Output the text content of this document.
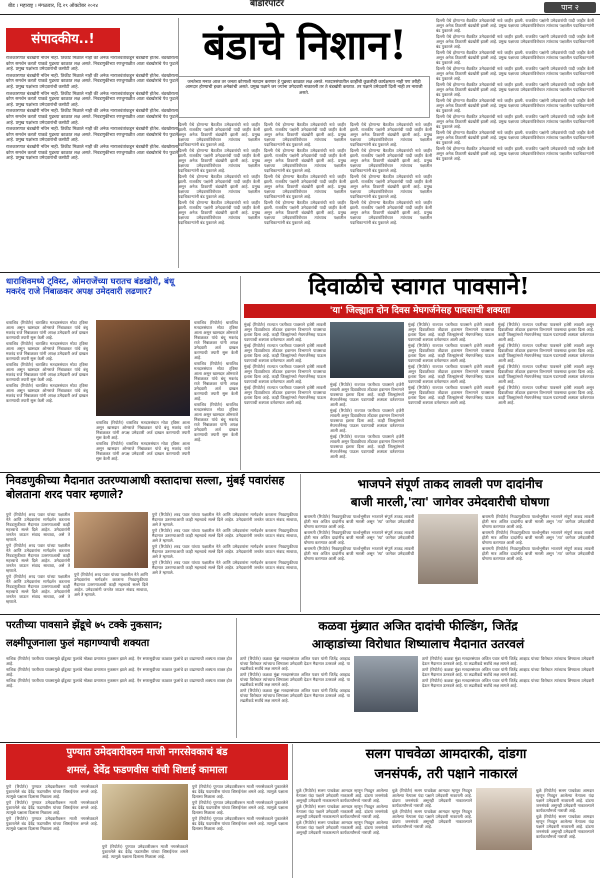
बीड । महाराष्ट्र । मंगळवार, दि.२९ ऑक्टोबर २०२४	बीडरिपोर्टर	पान २
संपादकीय..!

राजकारणात बंडखोरी नविन नाही. तिकीट मिळाले नाही की अनेक नाराजवंतांकडून बंडखोरी होतेच. बंडखोराला कोण समर्थन करतो याकडे पुढच्या काळात लक्ष असते. निवडणुकीच्या रणधुमाळीत आता बंडखोरांचे पेव फुटले आहे. प्रमुख पक्षांच्या उमेदवारांची कसोटी आहे.

राजकारणात बंडखोरी नविन नाही. तिकीट मिळाले नाही की अनेक नाराजवंतांकडून बंडखोरी होतेच. बंडखोराला कोण समर्थन करतो याकडे पुढच्या काळात लक्ष असते. निवडणुकीच्या रणधुमाळीत आता बंडखोरांचे पेव फुटले आहे. प्रमुख पक्षांच्या उमेदवारांची कसोटी आहे.

राजकारणात बंडखोरी नविन नाही. तिकीट मिळाले नाही की अनेक नाराजवंतांकडून बंडखोरी होतेच. बंडखोराला कोण समर्थन करतो याकडे पुढच्या काळात लक्ष असते. निवडणुकीच्या रणधुमाळीत आता बंडखोरांचे पेव फुटले आहे. प्रमुख पक्षांच्या उमेदवारांची कसोटी आहे.

राजकारणात बंडखोरी नविन नाही. तिकीट मिळाले नाही की अनेक नाराजवंतांकडून बंडखोरी होतेच. बंडखोराला कोण समर्थन करतो याकडे पुढच्या काळात लक्ष असते. निवडणुकीच्या रणधुमाळीत आता बंडखोरांचे पेव फुटले आहे. प्रमुख पक्षांच्या उमेदवारांची कसोटी आहे.

राजकारणात बंडखोरी नविन नाही. तिकीट मिळाले नाही की अनेक नाराजवंतांकडून बंडखोरी होतेच. बंडखोराला कोण समर्थन करतो याकडे पुढच्या काळात लक्ष असते. निवडणुकीच्या रणधुमाळीत आता बंडखोरांचे पेव फुटले आहे. प्रमुख पक्षांच्या उमेदवारांची कसोटी आहे.

राजकारणात बंडखोरी नविन नाही. तिकीट मिळाले नाही की अनेक नाराजवंतांकडून बंडखोरी होतेच. बंडखोराला कोण समर्थन करतो याकडे पुढच्या काळात लक्ष असते. निवडणुकीच्या रणधुमाळीत आता बंडखोरांचे पेव फुटले आहे. प्रमुख पक्षांच्या उमेदवारांची कसोटी आहे.

बंडाचे निशान!
जनतेच्या मनात आज तर जनता कोणाशी मतदान करणार हे पुढच्या काळात लक्ष असते. मतदारसंघातील काहींची कुठलीही कार्यक्षमता नाही पण तरीही आमदार होण्याची इच्छा अनेकांची असते. प्रमुख पक्षाने जर ज्यांना उमेदवारी नाकारली तर ते बंडखोरी करतात. तर पक्षाने उमेदवारी दिली नाही तर नाराजी असते.

दिल्ली येथे होणाऱ्या बैठकीत उमेदवारांची नावे जाहीर झाली. राजकीय पक्षांनी उमेदवारांची यादी जाहीर केली असून अनेक ठिकाणी बंडखोरी झाली आहे. प्रमुख पक्षाच्या उमेदवारांविरोधात त्यांच्याच पक्षातील पदाधिकाऱ्यांनी बंड पुकारले आहे.

दिल्ली येथे होणाऱ्या बैठकीत उमेदवारांची नावे जाहीर झाली. राजकीय पक्षांनी उमेदवारांची यादी जाहीर केली असून अनेक ठिकाणी बंडखोरी झाली आहे. प्रमुख पक्षाच्या उमेदवारांविरोधात त्यांच्याच पक्षातील पदाधिकाऱ्यांनी बंड पुकारले आहे.

दिल्ली येथे होणाऱ्या बैठकीत उमेदवारांची नावे जाहीर झाली. राजकीय पक्षांनी उमेदवारांची यादी जाहीर केली असून अनेक ठिकाणी बंडखोरी झाली आहे. प्रमुख पक्षाच्या उमेदवारांविरोधात त्यांच्याच पक्षातील पदाधिकाऱ्यांनी बंड पुकारले आहे.

दिल्ली येथे होणाऱ्या बैठकीत उमेदवारांची नावे जाहीर झाली. राजकीय पक्षांनी उमेदवारांची यादी जाहीर केली असून अनेक ठिकाणी बंडखोरी झाली आहे. प्रमुख पक्षाच्या उमेदवारांविरोधात त्यांच्याच पक्षातील पदाधिकाऱ्यांनी बंड पुकारले आहे.

दिल्ली येथे होणाऱ्या बैठकीत उमेदवारांची नावे जाहीर झाली. राजकीय पक्षांनी उमेदवारांची यादी जाहीर केली असून अनेक ठिकाणी बंडखोरी झाली आहे. प्रमुख पक्षाच्या उमेदवारांविरोधात त्यांच्याच पक्षातील पदाधिकाऱ्यांनी बंड पुकारले आहे.

दिल्ली येथे होणाऱ्या बैठकीत उमेदवारांची नावे जाहीर झाली. राजकीय पक्षांनी उमेदवारांची यादी जाहीर केली असून अनेक ठिकाणी बंडखोरी झाली आहे. प्रमुख पक्षाच्या उमेदवारांविरोधात त्यांच्याच पक्षातील पदाधिकाऱ्यांनी बंड पुकारले आहे.

दिल्ली येथे होणाऱ्या बैठकीत उमेदवारांची नावे जाहीर झाली. राजकीय पक्षांनी उमेदवारांची यादी जाहीर केली असून अनेक ठिकाणी बंडखोरी झाली आहे. प्रमुख पक्षाच्या उमेदवारांविरोधात त्यांच्याच पक्षातील पदाधिकाऱ्यांनी बंड पुकारले आहे.

दिल्ली येथे होणाऱ्या बैठकीत उमेदवारांची नावे जाहीर झाली. राजकीय पक्षांनी उमेदवारांची यादी जाहीर केली असून अनेक ठिकाणी बंडखोरी झाली आहे. प्रमुख पक्षाच्या उमेदवारांविरोधात त्यांच्याच पक्षातील पदाधिकाऱ्यांनी बंड पुकारले आहे.

दिल्ली येथे होणाऱ्या बैठकीत उमेदवारांची नावे जाहीर झाली. राजकीय पक्षांनी उमेदवारांची यादी जाहीर केली असून अनेक ठिकाणी बंडखोरी झाली आहे. प्रमुख पक्षाच्या उमेदवारांविरोधात त्यांच्याच पक्षातील पदाधिकाऱ्यांनी बंड पुकारले आहे.

दिल्ली येथे होणाऱ्या बैठकीत उमेदवारांची नावे जाहीर झाली. राजकीय पक्षांनी उमेदवारांची यादी जाहीर केली असून अनेक ठिकाणी बंडखोरी झाली आहे. प्रमुख पक्षाच्या उमेदवारांविरोधात त्यांच्याच पक्षातील पदाधिकाऱ्यांनी बंड पुकारले आहे.

दिल्ली येथे होणाऱ्या बैठकीत उमेदवारांची नावे जाहीर झाली. राजकीय पक्षांनी उमेदवारांची यादी जाहीर केली असून अनेक ठिकाणी बंडखोरी झाली आहे. प्रमुख पक्षाच्या उमेदवारांविरोधात त्यांच्याच पक्षातील पदाधिकाऱ्यांनी बंड पुकारले आहे.

दिल्ली येथे होणाऱ्या बैठकीत उमेदवारांची नावे जाहीर झाली. राजकीय पक्षांनी उमेदवारांची यादी जाहीर केली असून अनेक ठिकाणी बंडखोरी झाली आहे. प्रमुख पक्षाच्या उमेदवारांविरोधात त्यांच्याच पक्षातील पदाधिकाऱ्यांनी बंड पुकारले आहे.

दिल्ली येथे होणाऱ्या बैठकीत उमेदवारांची नावे जाहीर झाली. राजकीय पक्षांनी उमेदवारांची यादी जाहीर केली असून अनेक ठिकाणी बंडखोरी झाली आहे. प्रमुख पक्षाच्या उमेदवारांविरोधात त्यांच्याच पक्षातील पदाधिकाऱ्यांनी बंड पुकारले आहे.

दिल्ली येथे होणाऱ्या बैठकीत उमेदवारांची नावे जाहीर झाली. राजकीय पक्षांनी उमेदवारांची यादी जाहीर केली असून अनेक ठिकाणी बंडखोरी झाली आहे. प्रमुख पक्षाच्या उमेदवारांविरोधात त्यांच्याच पक्षातील पदाधिकाऱ्यांनी बंड पुकारले आहे.

दिल्ली येथे होणाऱ्या बैठकीत उमेदवारांची नावे जाहीर झाली. राजकीय पक्षांनी उमेदवारांची यादी जाहीर केली असून अनेक ठिकाणी बंडखोरी झाली आहे. प्रमुख पक्षाच्या उमेदवारांविरोधात त्यांच्याच पक्षातील पदाधिकाऱ्यांनी बंड पुकारले आहे.

दिल्ली येथे होणाऱ्या बैठकीत उमेदवारांची नावे जाहीर झाली. राजकीय पक्षांनी उमेदवारांची यादी जाहीर केली असून अनेक ठिकाणी बंडखोरी झाली आहे. प्रमुख पक्षाच्या उमेदवारांविरोधात त्यांच्याच पक्षातील पदाधिकाऱ्यांनी बंड पुकारले आहे.

दिल्ली येथे होणाऱ्या बैठकीत उमेदवारांची नावे जाहीर झाली. राजकीय पक्षांनी उमेदवारांची यादी जाहीर केली असून अनेक ठिकाणी बंडखोरी झाली आहे. प्रमुख पक्षाच्या उमेदवारांविरोधात त्यांच्याच पक्षातील पदाधिकाऱ्यांनी बंड पुकारले आहे.

दिल्ली येथे होणाऱ्या बैठकीत उमेदवारांची नावे जाहीर झाली. राजकीय पक्षांनी उमेदवारांची यादी जाहीर केली असून अनेक ठिकाणी बंडखोरी झाली आहे. प्रमुख पक्षाच्या उमेदवारांविरोधात त्यांच्याच पक्षातील पदाधिकाऱ्यांनी बंड पुकारले आहे.

दिल्ली येथे होणाऱ्या बैठकीत उमेदवारांची नावे जाहीर झाली. राजकीय पक्षांनी उमेदवारांची यादी जाहीर केली असून अनेक ठिकाणी बंडखोरी झाली आहे. प्रमुख पक्षाच्या उमेदवारांविरोधात त्यांच्याच पक्षातील पदाधिकाऱ्यांनी बंड पुकारले आहे.

दिल्ली येथे होणाऱ्या बैठकीत उमेदवारांची नावे जाहीर झाली. राजकीय पक्षांनी उमेदवारांची यादी जाहीर केली असून अनेक ठिकाणी बंडखोरी झाली आहे. प्रमुख पक्षाच्या उमेदवारांविरोधात त्यांच्याच पक्षातील पदाधिकाऱ्यांनी बंड पुकारले आहे.

दिल्ली येथे होणाऱ्या बैठकीत उमेदवारांची नावे जाहीर झाली. राजकीय पक्षांनी उमेदवारांची यादी जाहीर केली असून अनेक ठिकाणी बंडखोरी झाली आहे. प्रमुख पक्षाच्या उमेदवारांविरोधात त्यांच्याच पक्षातील पदाधिकाऱ्यांनी बंड पुकारले आहे.

धाराशिवमध्ये ट्विस्ट, ओमराजेंच्या घरातच बंडखोरी, बंधू मकरंद राजे निंबाळकर अपक्ष उमेदवारी लढणार?

धाराशिव (रिपोर्टर) धाराशिव मतदारसंघात मोठा ट्विस्ट आला असून खासदार ओमराजे निंबाळकर यांचे बंधू मकरंद राजे निंबाळकर यांनी अपक्ष उमेदवारी अर्ज दाखल करण्याची तयारी सुरू केली आहे.

धाराशिव (रिपोर्टर) धाराशिव मतदारसंघात मोठा ट्विस्ट आला असून खासदार ओमराजे निंबाळकर यांचे बंधू मकरंद राजे निंबाळकर यांनी अपक्ष उमेदवारी अर्ज दाखल करण्याची तयारी सुरू केली आहे.

धाराशिव (रिपोर्टर) धाराशिव मतदारसंघात मोठा ट्विस्ट आला असून खासदार ओमराजे निंबाळकर यांचे बंधू मकरंद राजे निंबाळकर यांनी अपक्ष उमेदवारी अर्ज दाखल करण्याची तयारी सुरू केली आहे.

धाराशिव (रिपोर्टर) धाराशिव मतदारसंघात मोठा ट्विस्ट आला असून खासदार ओमराजे निंबाळकर यांचे बंधू मकरंद राजे निंबाळकर यांनी अपक्ष उमेदवारी अर्ज दाखल करण्याची तयारी सुरू केली आहे.

धाराशिव (रिपोर्टर) धाराशिव मतदारसंघात मोठा ट्विस्ट आला असून खासदार ओमराजे निंबाळकर यांचे बंधू मकरंद राजे निंबाळकर यांनी अपक्ष उमेदवारी अर्ज दाखल करण्याची तयारी सुरू केली आहे.

धाराशिव (रिपोर्टर) धाराशिव मतदारसंघात मोठा ट्विस्ट आला असून खासदार ओमराजे निंबाळकर यांचे बंधू मकरंद राजे निंबाळकर यांनी अपक्ष उमेदवारी अर्ज दाखल करण्याची तयारी सुरू केली आहे.

धाराशिव (रिपोर्टर) धाराशिव मतदारसंघात मोठा ट्विस्ट आला असून खासदार ओमराजे निंबाळकर यांचे बंधू मकरंद राजे निंबाळकर यांनी अपक्ष उमेदवारी अर्ज दाखल करण्याची तयारी सुरू केली आहे.

धाराशिव (रिपोर्टर) धाराशिव मतदारसंघात मोठा ट्विस्ट आला असून खासदार ओमराजे निंबाळकर यांचे बंधू मकरंद राजे निंबाळकर यांनी अपक्ष उमेदवारी अर्ज दाखल करण्याची तयारी सुरू केली आहे.

धाराशिव (रिपोर्टर) धाराशिव मतदारसंघात मोठा ट्विस्ट आला असून खासदार ओमराजे निंबाळकर यांचे बंधू मकरंद राजे निंबाळकर यांनी अपक्ष उमेदवारी अर्ज दाखल करण्याची तयारी सुरू केली आहे.

दिवाळीचे स्वागत पावसाने!
'या' जिल्ह्यात दोन दिवस मेघगर्जनेसह पावसाची शक्यता

मुंबई (रिपोर्टर) राज्यात परतीच्या पावसाने हजेरी लावली असून दिवाळीच्या तोंडावर हवामान विभागाने पावसाचा इशारा दिला आहे. काही जिल्ह्यांमध्ये मेघगर्जनेसह पाऊस पडण्याची शक्यता वर्तवण्यात आली आहे.

मुंबई (रिपोर्टर) राज्यात परतीच्या पावसाने हजेरी लावली असून दिवाळीच्या तोंडावर हवामान विभागाने पावसाचा इशारा दिला आहे. काही जिल्ह्यांमध्ये मेघगर्जनेसह पाऊस पडण्याची शक्यता वर्तवण्यात आली आहे.

मुंबई (रिपोर्टर) राज्यात परतीच्या पावसाने हजेरी लावली असून दिवाळीच्या तोंडावर हवामान विभागाने पावसाचा इशारा दिला आहे. काही जिल्ह्यांमध्ये मेघगर्जनेसह पाऊस पडण्याची शक्यता वर्तवण्यात आली आहे.

मुंबई (रिपोर्टर) राज्यात परतीच्या पावसाने हजेरी लावली असून दिवाळीच्या तोंडावर हवामान विभागाने पावसाचा इशारा दिला आहे. काही जिल्ह्यांमध्ये मेघगर्जनेसह पाऊस पडण्याची शक्यता वर्तवण्यात आली आहे.

मुंबई (रिपोर्टर) राज्यात परतीच्या पावसाने हजेरी लावली असून दिवाळीच्या तोंडावर हवामान विभागाने पावसाचा इशारा दिला आहे. काही जिल्ह्यांमध्ये मेघगर्जनेसह पाऊस पडण्याची शक्यता वर्तवण्यात आली आहे.

मुंबई (रिपोर्टर) राज्यात परतीच्या पावसाने हजेरी लावली असून दिवाळीच्या तोंडावर हवामान विभागाने पावसाचा इशारा दिला आहे. काही जिल्ह्यांमध्ये मेघगर्जनेसह पाऊस पडण्याची शक्यता वर्तवण्यात आली आहे.

मुंबई (रिपोर्टर) राज्यात परतीच्या पावसाने हजेरी लावली असून दिवाळीच्या तोंडावर हवामान विभागाने पावसाचा इशारा दिला आहे. काही जिल्ह्यांमध्ये मेघगर्जनेसह पाऊस पडण्याची शक्यता वर्तवण्यात आली आहे.

मुंबई (रिपोर्टर) राज्यात परतीच्या पावसाने हजेरी लावली असून दिवाळीच्या तोंडावर हवामान विभागाने पावसाचा इशारा दिला आहे. काही जिल्ह्यांमध्ये मेघगर्जनेसह पाऊस पडण्याची शक्यता वर्तवण्यात आली आहे.

मुंबई (रिपोर्टर) राज्यात परतीच्या पावसाने हजेरी लावली असून दिवाळीच्या तोंडावर हवामान विभागाने पावसाचा इशारा दिला आहे. काही जिल्ह्यांमध्ये मेघगर्जनेसह पाऊस पडण्याची शक्यता वर्तवण्यात आली आहे.

मुंबई (रिपोर्टर) राज्यात परतीच्या पावसाने हजेरी लावली असून दिवाळीच्या तोंडावर हवामान विभागाने पावसाचा इशारा दिला आहे. काही जिल्ह्यांमध्ये मेघगर्जनेसह पाऊस पडण्याची शक्यता वर्तवण्यात आली आहे.

मुंबई (रिपोर्टर) राज्यात परतीच्या पावसाने हजेरी लावली असून दिवाळीच्या तोंडावर हवामान विभागाने पावसाचा इशारा दिला आहे. काही जिल्ह्यांमध्ये मेघगर्जनेसह पाऊस पडण्याची शक्यता वर्तवण्यात आली आहे.

मुंबई (रिपोर्टर) राज्यात परतीच्या पावसाने हजेरी लावली असून दिवाळीच्या तोंडावर हवामान विभागाने पावसाचा इशारा दिला आहे. काही जिल्ह्यांमध्ये मेघगर्जनेसह पाऊस पडण्याची शक्यता वर्तवण्यात आली आहे.

मुंबई (रिपोर्टर) राज्यात परतीच्या पावसाने हजेरी लावली असून दिवाळीच्या तोंडावर हवामान विभागाने पावसाचा इशारा दिला आहे. काही जिल्ह्यांमध्ये मेघगर्जनेसह पाऊस पडण्याची शक्यता वर्तवण्यात आली आहे.

मुंबई (रिपोर्टर) राज्यात परतीच्या पावसाने हजेरी लावली असून दिवाळीच्या तोंडावर हवामान विभागाने पावसाचा इशारा दिला आहे. काही जिल्ह्यांमध्ये मेघगर्जनेसह पाऊस पडण्याची शक्यता वर्तवण्यात आली आहे.

मुंबई (रिपोर्टर) राज्यात परतीच्या पावसाने हजेरी लावली असून दिवाळीच्या तोंडावर हवामान विभागाने पावसाचा इशारा दिला आहे. काही जिल्ह्यांमध्ये मेघगर्जनेसह पाऊस पडण्याची शक्यता वर्तवण्यात आली आहे.

निवडणुकीच्या मैदानात उतरण्याआधी वस्तादाचा सल्ला, मुंबई पवारांसह बोलताना शरद पवार म्हणाले?

पुणे (रिपोर्टर) शरद पवार यांच्या पक्षातील नेते आणि उमेदवारांना मार्गदर्शन करताना निवडणुकीच्या मैदानात उतरण्याआधी काही महत्त्वाचे सल्ले दिले आहेत. उमेदवारांनी जनतेत जाऊन संवाद साधावा, असे ते म्हणाले.

पुणे (रिपोर्टर) शरद पवार यांच्या पक्षातील नेते आणि उमेदवारांना मार्गदर्शन करताना निवडणुकीच्या मैदानात उतरण्याआधी काही महत्त्वाचे सल्ले दिले आहेत. उमेदवारांनी जनतेत जाऊन संवाद साधावा, असे ते म्हणाले.

पुणे (रिपोर्टर) शरद पवार यांच्या पक्षातील नेते आणि उमेदवारांना मार्गदर्शन करताना निवडणुकीच्या मैदानात उतरण्याआधी काही महत्त्वाचे सल्ले दिले आहेत. उमेदवारांनी जनतेत जाऊन संवाद साधावा, असे ते म्हणाले.

पुणे (रिपोर्टर) शरद पवार यांच्या पक्षातील नेते आणि उमेदवारांना मार्गदर्शन करताना निवडणुकीच्या मैदानात उतरण्याआधी काही महत्त्वाचे सल्ले दिले आहेत. उमेदवारांनी जनतेत जाऊन संवाद साधावा, असे ते म्हणाले.

पुणे (रिपोर्टर) शरद पवार यांच्या पक्षातील नेते आणि उमेदवारांना मार्गदर्शन करताना निवडणुकीच्या मैदानात उतरण्याआधी काही महत्त्वाचे सल्ले दिले आहेत. उमेदवारांनी जनतेत जाऊन संवाद साधावा, असे ते म्हणाले.

पुणे (रिपोर्टर) शरद पवार यांच्या पक्षातील नेते आणि उमेदवारांना मार्गदर्शन करताना निवडणुकीच्या मैदानात उतरण्याआधी काही महत्त्वाचे सल्ले दिले आहेत. उमेदवारांनी जनतेत जाऊन संवाद साधावा, असे ते म्हणाले.

पुणे (रिपोर्टर) शरद पवार यांच्या पक्षातील नेते आणि उमेदवारांना मार्गदर्शन करताना निवडणुकीच्या मैदानात उतरण्याआधी काही महत्त्वाचे सल्ले दिले आहेत. उमेदवारांनी जनतेत जाऊन संवाद साधावा, असे ते म्हणाले.

पुणे (रिपोर्टर) शरद पवार यांच्या पक्षातील नेते आणि उमेदवारांना मार्गदर्शन करताना निवडणुकीच्या मैदानात उतरण्याआधी काही महत्त्वाचे सल्ले दिले आहेत. उमेदवारांनी जनतेत जाऊन संवाद साधावा, असे ते म्हणाले.

भाजपने संपूर्ण ताकद लावली पण दादांनीच
बाजी मारली,'त्या' जागेवर उमेदवारीची घोषणा

बारामती (रिपोर्टर) निवडणुकीच्या पार्श्वभूमीवर भाजपने संपूर्ण ताकद लावली होती मात्र अजित दादांनीच बाजी मारली असून 'त्या' जागेवर उमेदवारीची घोषणा करण्यात आली आहे.

बारामती (रिपोर्टर) निवडणुकीच्या पार्श्वभूमीवर भाजपने संपूर्ण ताकद लावली होती मात्र अजित दादांनीच बाजी मारली असून 'त्या' जागेवर उमेदवारीची घोषणा करण्यात आली आहे.

बारामती (रिपोर्टर) निवडणुकीच्या पार्श्वभूमीवर भाजपने संपूर्ण ताकद लावली होती मात्र अजित दादांनीच बाजी मारली असून 'त्या' जागेवर उमेदवारीची घोषणा करण्यात आली आहे.

बारामती (रिपोर्टर) निवडणुकीच्या पार्श्वभूमीवर भाजपने संपूर्ण ताकद लावली होती मात्र अजित दादांनीच बाजी मारली असून 'त्या' जागेवर उमेदवारीची घोषणा करण्यात आली आहे.

बारामती (रिपोर्टर) निवडणुकीच्या पार्श्वभूमीवर भाजपने संपूर्ण ताकद लावली होती मात्र अजित दादांनीच बाजी मारली असून 'त्या' जागेवर उमेदवारीची घोषणा करण्यात आली आहे.

बारामती (रिपोर्टर) निवडणुकीच्या पार्श्वभूमीवर भाजपने संपूर्ण ताकद लावली होती मात्र अजित दादांनीच बाजी मारली असून 'त्या' जागेवर उमेदवारीची घोषणा करण्यात आली आहे.

परतीच्या पावसाने झेंडूचे ७५ टक्के नुकसान;
लक्ष्मीपूजनाला फुलं महागण्याची शक्यता

नाशिक (रिपोर्टर) परतीच्या पावसामुळे झेंडूच्या फुलांचे मोठ्या प्रमाणात नुकसान झाले आहे. ऐन सणासुदीच्या काळात फुलांचे दर वाढण्याची शक्यता व्यक्त होत आहे.

नाशिक (रिपोर्टर) परतीच्या पावसामुळे झेंडूच्या फुलांचे मोठ्या प्रमाणात नुकसान झाले आहे. ऐन सणासुदीच्या काळात फुलांचे दर वाढण्याची शक्यता व्यक्त होत आहे.

नाशिक (रिपोर्टर) परतीच्या पावसामुळे झेंडूच्या फुलांचे मोठ्या प्रमाणात नुकसान झाले आहे. ऐन सणासुदीच्या काळात फुलांचे दर वाढण्याची शक्यता व्यक्त होत आहे.

कळवा मुंब्र्यात अजित दादांची फील्डिंग, जितेंद्र
आव्हाडांच्या विरोधात शिष्यालाच मैदानात उतरवलं

ठाणे (रिपोर्टर) कळवा मुंब्रा मतदारसंघात अजित पवार यांनी जितेंद्र आव्हाड यांच्या विरोधात त्यांच्याच शिष्याला उमेदवारी देऊन मैदानात उतरवले आहे. या लढतीकडे सर्वांचे लक्ष लागले आहे.

ठाणे (रिपोर्टर) कळवा मुंब्रा मतदारसंघात अजित पवार यांनी जितेंद्र आव्हाड यांच्या विरोधात त्यांच्याच शिष्याला उमेदवारी देऊन मैदानात उतरवले आहे. या लढतीकडे सर्वांचे लक्ष लागले आहे.

ठाणे (रिपोर्टर) कळवा मुंब्रा मतदारसंघात अजित पवार यांनी जितेंद्र आव्हाड यांच्या विरोधात त्यांच्याच शिष्याला उमेदवारी देऊन मैदानात उतरवले आहे. या लढतीकडे सर्वांचे लक्ष लागले आहे.

ठाणे (रिपोर्टर) कळवा मुंब्रा मतदारसंघात अजित पवार यांनी जितेंद्र आव्हाड यांच्या विरोधात त्यांच्याच शिष्याला उमेदवारी देऊन मैदानात उतरवले आहे. या लढतीकडे सर्वांचे लक्ष लागले आहे.

ठाणे (रिपोर्टर) कळवा मुंब्रा मतदारसंघात अजित पवार यांनी जितेंद्र आव्हाड यांच्या विरोधात त्यांच्याच शिष्याला उमेदवारी देऊन मैदानात उतरवले आहे. या लढतीकडे सर्वांचे लक्ष लागले आहे.

ठाणे (रिपोर्टर) कळवा मुंब्रा मतदारसंघात अजित पवार यांनी जितेंद्र आव्हाड यांच्या विरोधात त्यांच्याच शिष्याला उमेदवारी देऊन मैदानात उतरवले आहे. या लढतीकडे सर्वांचे लक्ष लागले आहे.

पुण्यात उमेदवारीवरुन माजी नगरसेवकाचं बंड
शमलं, देवेंद्र फडणवीस यांची शिष्टाई कामाला

पुणे (रिपोर्टर) पुण्यात उमेदवारीवरून माजी नगरसेवकाने पुकारलेले बंड देवेंद्र फडणवीस यांच्या शिष्टाईनंतर शमले आहे. त्यामुळे पक्षाला दिलासा मिळाला आहे.

पुणे (रिपोर्टर) पुण्यात उमेदवारीवरून माजी नगरसेवकाने पुकारलेले बंड देवेंद्र फडणवीस यांच्या शिष्टाईनंतर शमले आहे. त्यामुळे पक्षाला दिलासा मिळाला आहे.

पुणे (रिपोर्टर) पुण्यात उमेदवारीवरून माजी नगरसेवकाने पुकारलेले बंड देवेंद्र फडणवीस यांच्या शिष्टाईनंतर शमले आहे. त्यामुळे पक्षाला दिलासा मिळाला आहे.

पुणे (रिपोर्टर) पुण्यात उमेदवारीवरून माजी नगरसेवकाने पुकारलेले बंड देवेंद्र फडणवीस यांच्या शिष्टाईनंतर शमले आहे. त्यामुळे पक्षाला दिलासा मिळाला आहे.

पुणे (रिपोर्टर) पुण्यात उमेदवारीवरून माजी नगरसेवकाने पुकारलेले बंड देवेंद्र फडणवीस यांच्या शिष्टाईनंतर शमले आहे. त्यामुळे पक्षाला दिलासा मिळाला आहे.

पुणे (रिपोर्टर) पुण्यात उमेदवारीवरून माजी नगरसेवकाने पुकारलेले बंड देवेंद्र फडणवीस यांच्या शिष्टाईनंतर शमले आहे. त्यामुळे पक्षाला दिलासा मिळाला आहे.

पुणे (रिपोर्टर) पुण्यात उमेदवारीवरून माजी नगरसेवकाने पुकारलेले बंड देवेंद्र फडणवीस यांच्या शिष्टाईनंतर शमले आहे. त्यामुळे पक्षाला दिलासा मिळाला आहे.

सलग पाचवेळा आमदारकी, दांडगा
जनसंपर्क, तरी पक्षाने नाकारलं

धुळे (रिपोर्टर) सलग पाचवेळा आमदार म्हणून निवडून आलेल्या नेत्याला यंदा पक्षाने उमेदवारी नाकारली आहे. दांडगा जनसंपर्क असूनही उमेदवारी नाकारल्याने कार्यकर्त्यांमध्ये नाराजी आहे.

धुळे (रिपोर्टर) सलग पाचवेळा आमदार म्हणून निवडून आलेल्या नेत्याला यंदा पक्षाने उमेदवारी नाकारली आहे. दांडगा जनसंपर्क असूनही उमेदवारी नाकारल्याने कार्यकर्त्यांमध्ये नाराजी आहे.

धुळे (रिपोर्टर) सलग पाचवेळा आमदार म्हणून निवडून आलेल्या नेत्याला यंदा पक्षाने उमेदवारी नाकारली आहे. दांडगा जनसंपर्क असूनही उमेदवारी नाकारल्याने कार्यकर्त्यांमध्ये नाराजी आहे.

धुळे (रिपोर्टर) सलग पाचवेळा आमदार म्हणून निवडून आलेल्या नेत्याला यंदा पक्षाने उमेदवारी नाकारली आहे. दांडगा जनसंपर्क असूनही उमेदवारी नाकारल्याने कार्यकर्त्यांमध्ये नाराजी आहे.

धुळे (रिपोर्टर) सलग पाचवेळा आमदार म्हणून निवडून आलेल्या नेत्याला यंदा पक्षाने उमेदवारी नाकारली आहे. दांडगा जनसंपर्क असूनही उमेदवारी नाकारल्याने कार्यकर्त्यांमध्ये नाराजी आहे.

धुळे (रिपोर्टर) सलग पाचवेळा आमदार म्हणून निवडून आलेल्या नेत्याला यंदा पक्षाने उमेदवारी नाकारली आहे. दांडगा जनसंपर्क असूनही उमेदवारी नाकारल्याने कार्यकर्त्यांमध्ये नाराजी आहे.

धुळे (रिपोर्टर) सलग पाचवेळा आमदार म्हणून निवडून आलेल्या नेत्याला यंदा पक्षाने उमेदवारी नाकारली आहे. दांडगा जनसंपर्क असूनही उमेदवारी नाकारल्याने कार्यकर्त्यांमध्ये नाराजी आहे.
